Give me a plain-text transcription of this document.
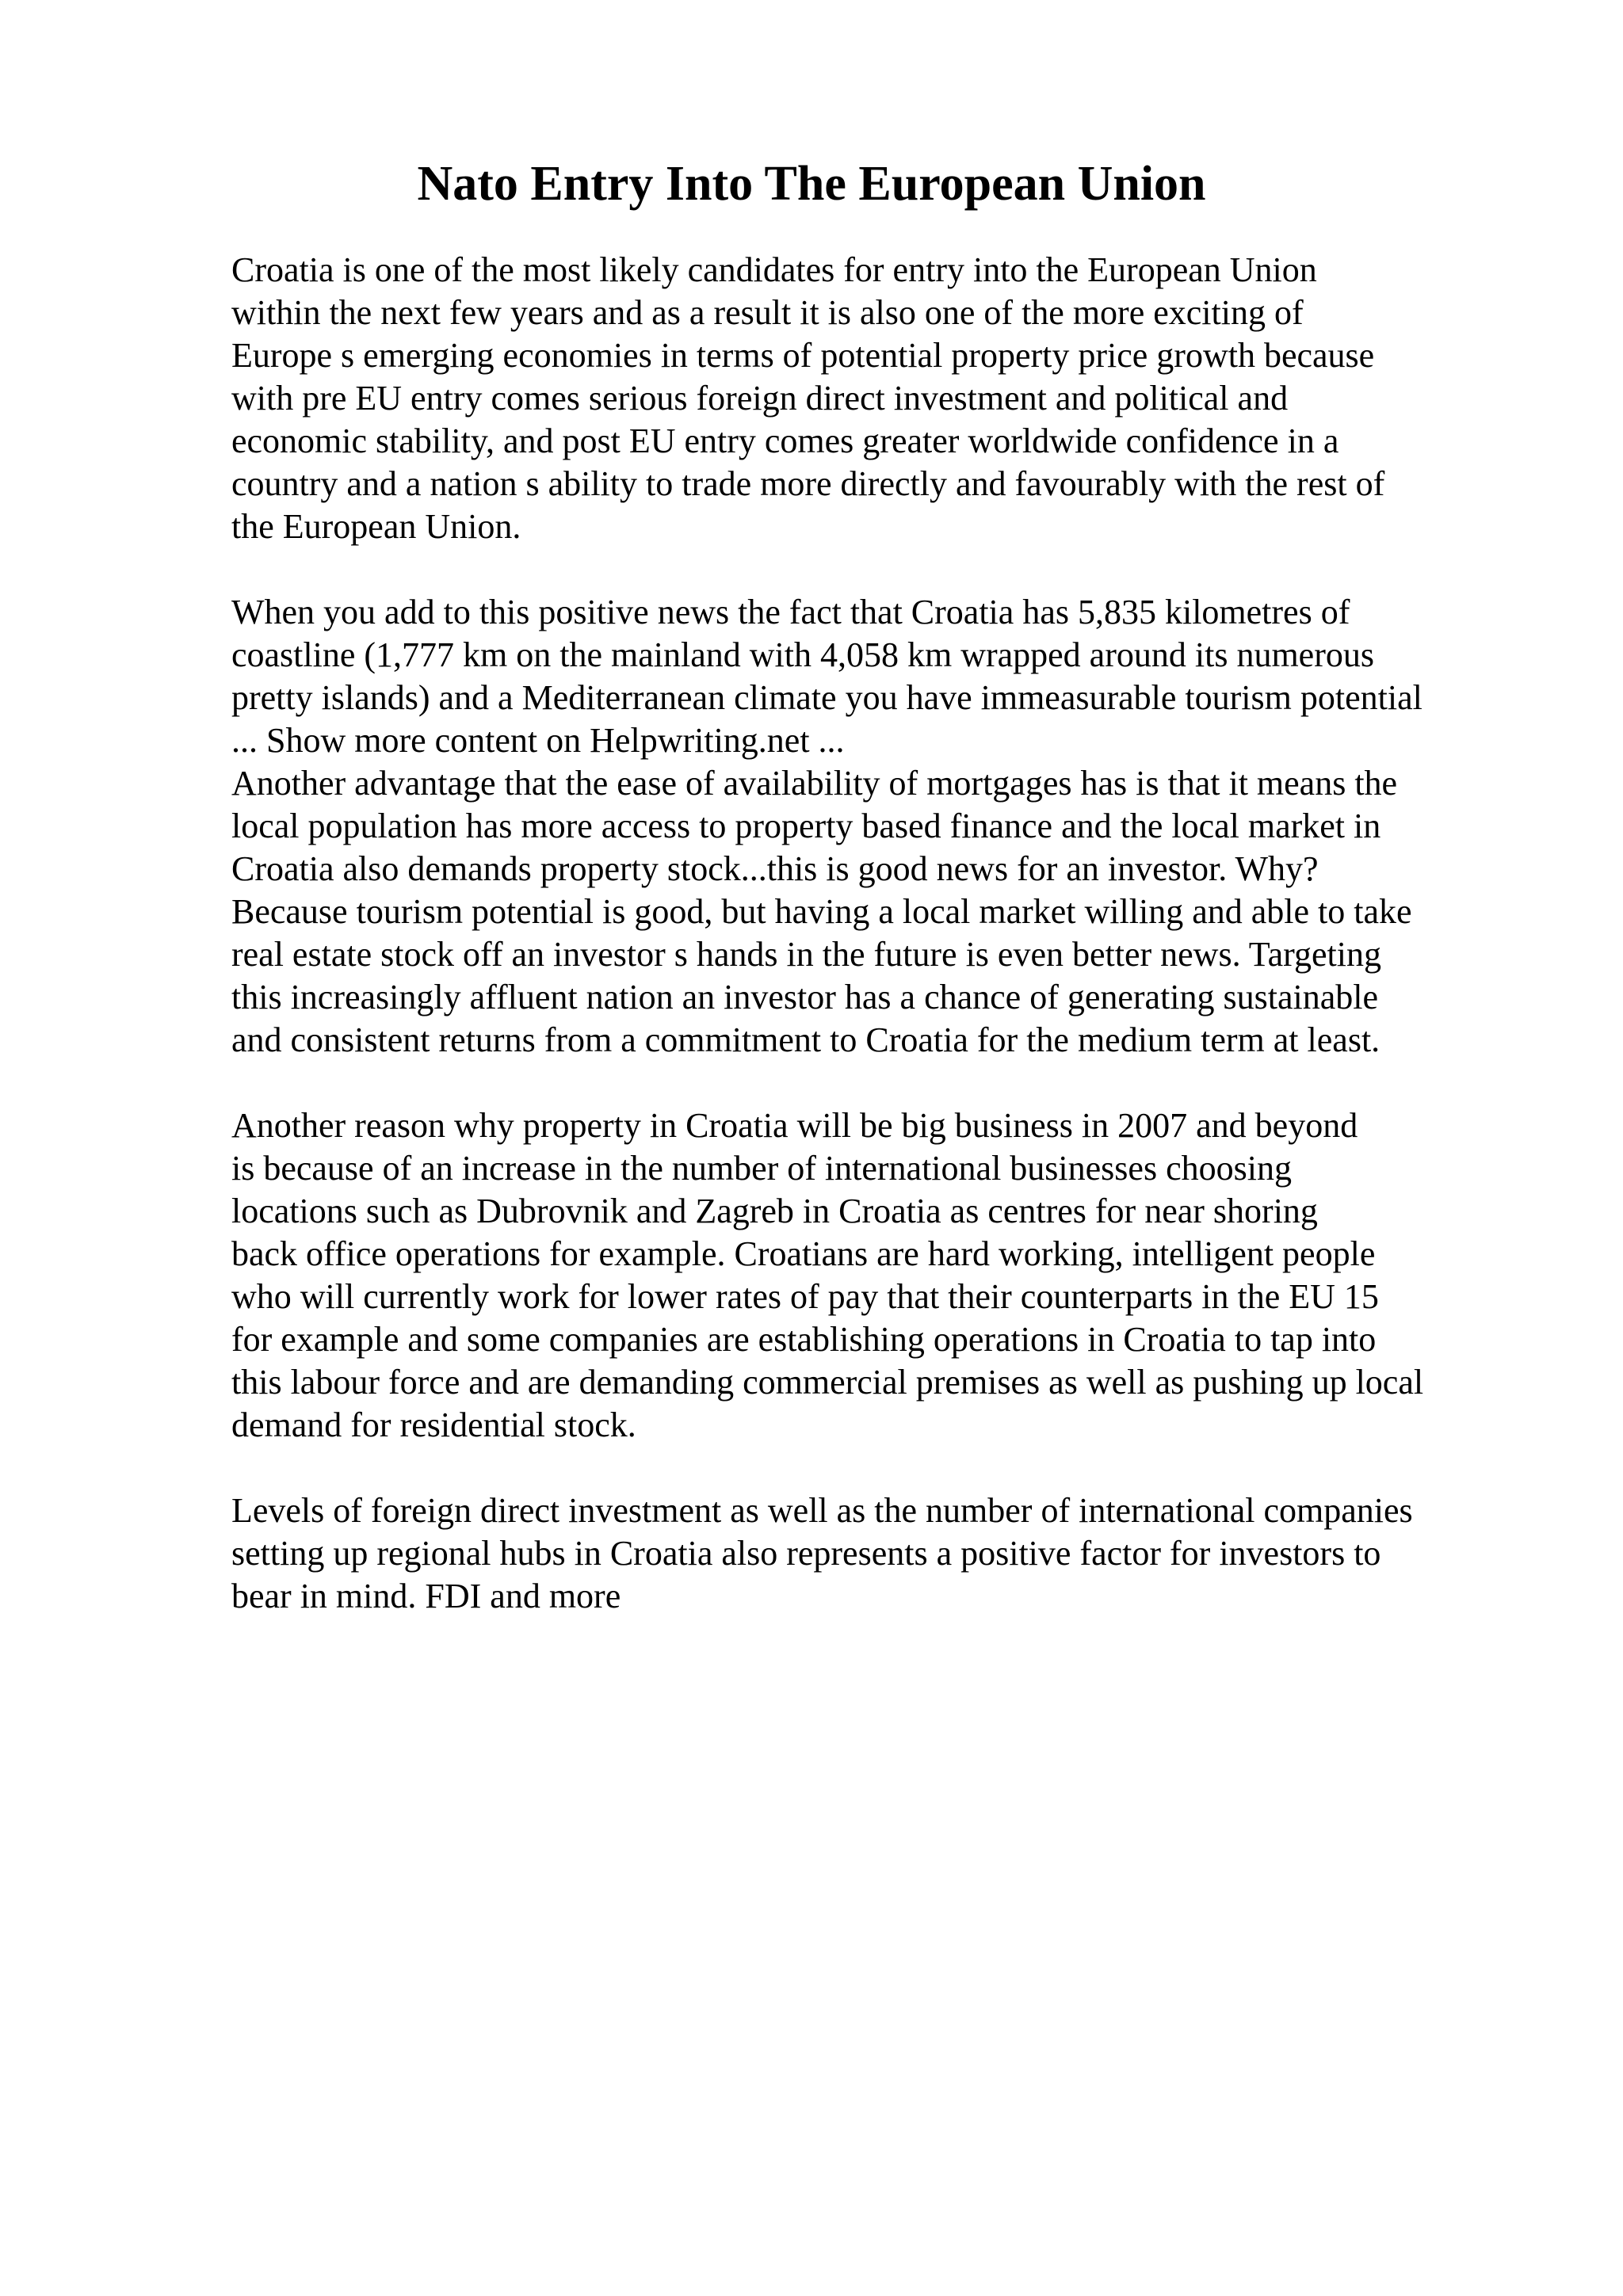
Nato Entry Into The European Union

Croatia is one of the most likely candidates for entry into the European Union
within the next few years and as a result it is also one of the more exciting of
Europe s emerging economies in terms of potential property price growth because
with pre EU entry comes serious foreign direct investment and political and
economic stability, and post EU entry comes greater worldwide confidence in a
country and a nation s ability to trade more directly and favourably with the rest of
the European Union.

When you add to this positive news the fact that Croatia has 5,835 kilometres of
coastline (1,777 km on the mainland with 4,058 km wrapped around its numerous
pretty islands) and a Mediterranean climate you have immeasurable tourism potential
... Show more content on Helpwriting.net ...

Another advantage that the ease of availability of mortgages has is that it means the
local population has more access to property based finance and the local market in
Croatia also demands property stock...this is good news for an investor. Why?
Because tourism potential is good, but having a local market willing and able to take
real estate stock off an investor s hands in the future is even better news. Targeting
this increasingly affluent nation an investor has a chance of generating sustainable
and consistent returns from a commitment to Croatia for the medium term at least.

Another reason why property in Croatia will be big business in 2007 and beyond
is because of an increase in the number of international businesses choosing
locations such as Dubrovnik and Zagreb in Croatia as centres for near shoring
back office operations for example. Croatians are hard working, intelligent people
who will currently work for lower rates of pay that their counterparts in the EU 15
for example and some companies are establishing operations in Croatia to tap into
this labour force and are demanding commercial premises as well as pushing up local
demand for residential stock.

Levels of foreign direct investment as well as the number of international companies
setting up regional hubs in Croatia also represents a positive factor for investors to
bear in mind. FDI and more
